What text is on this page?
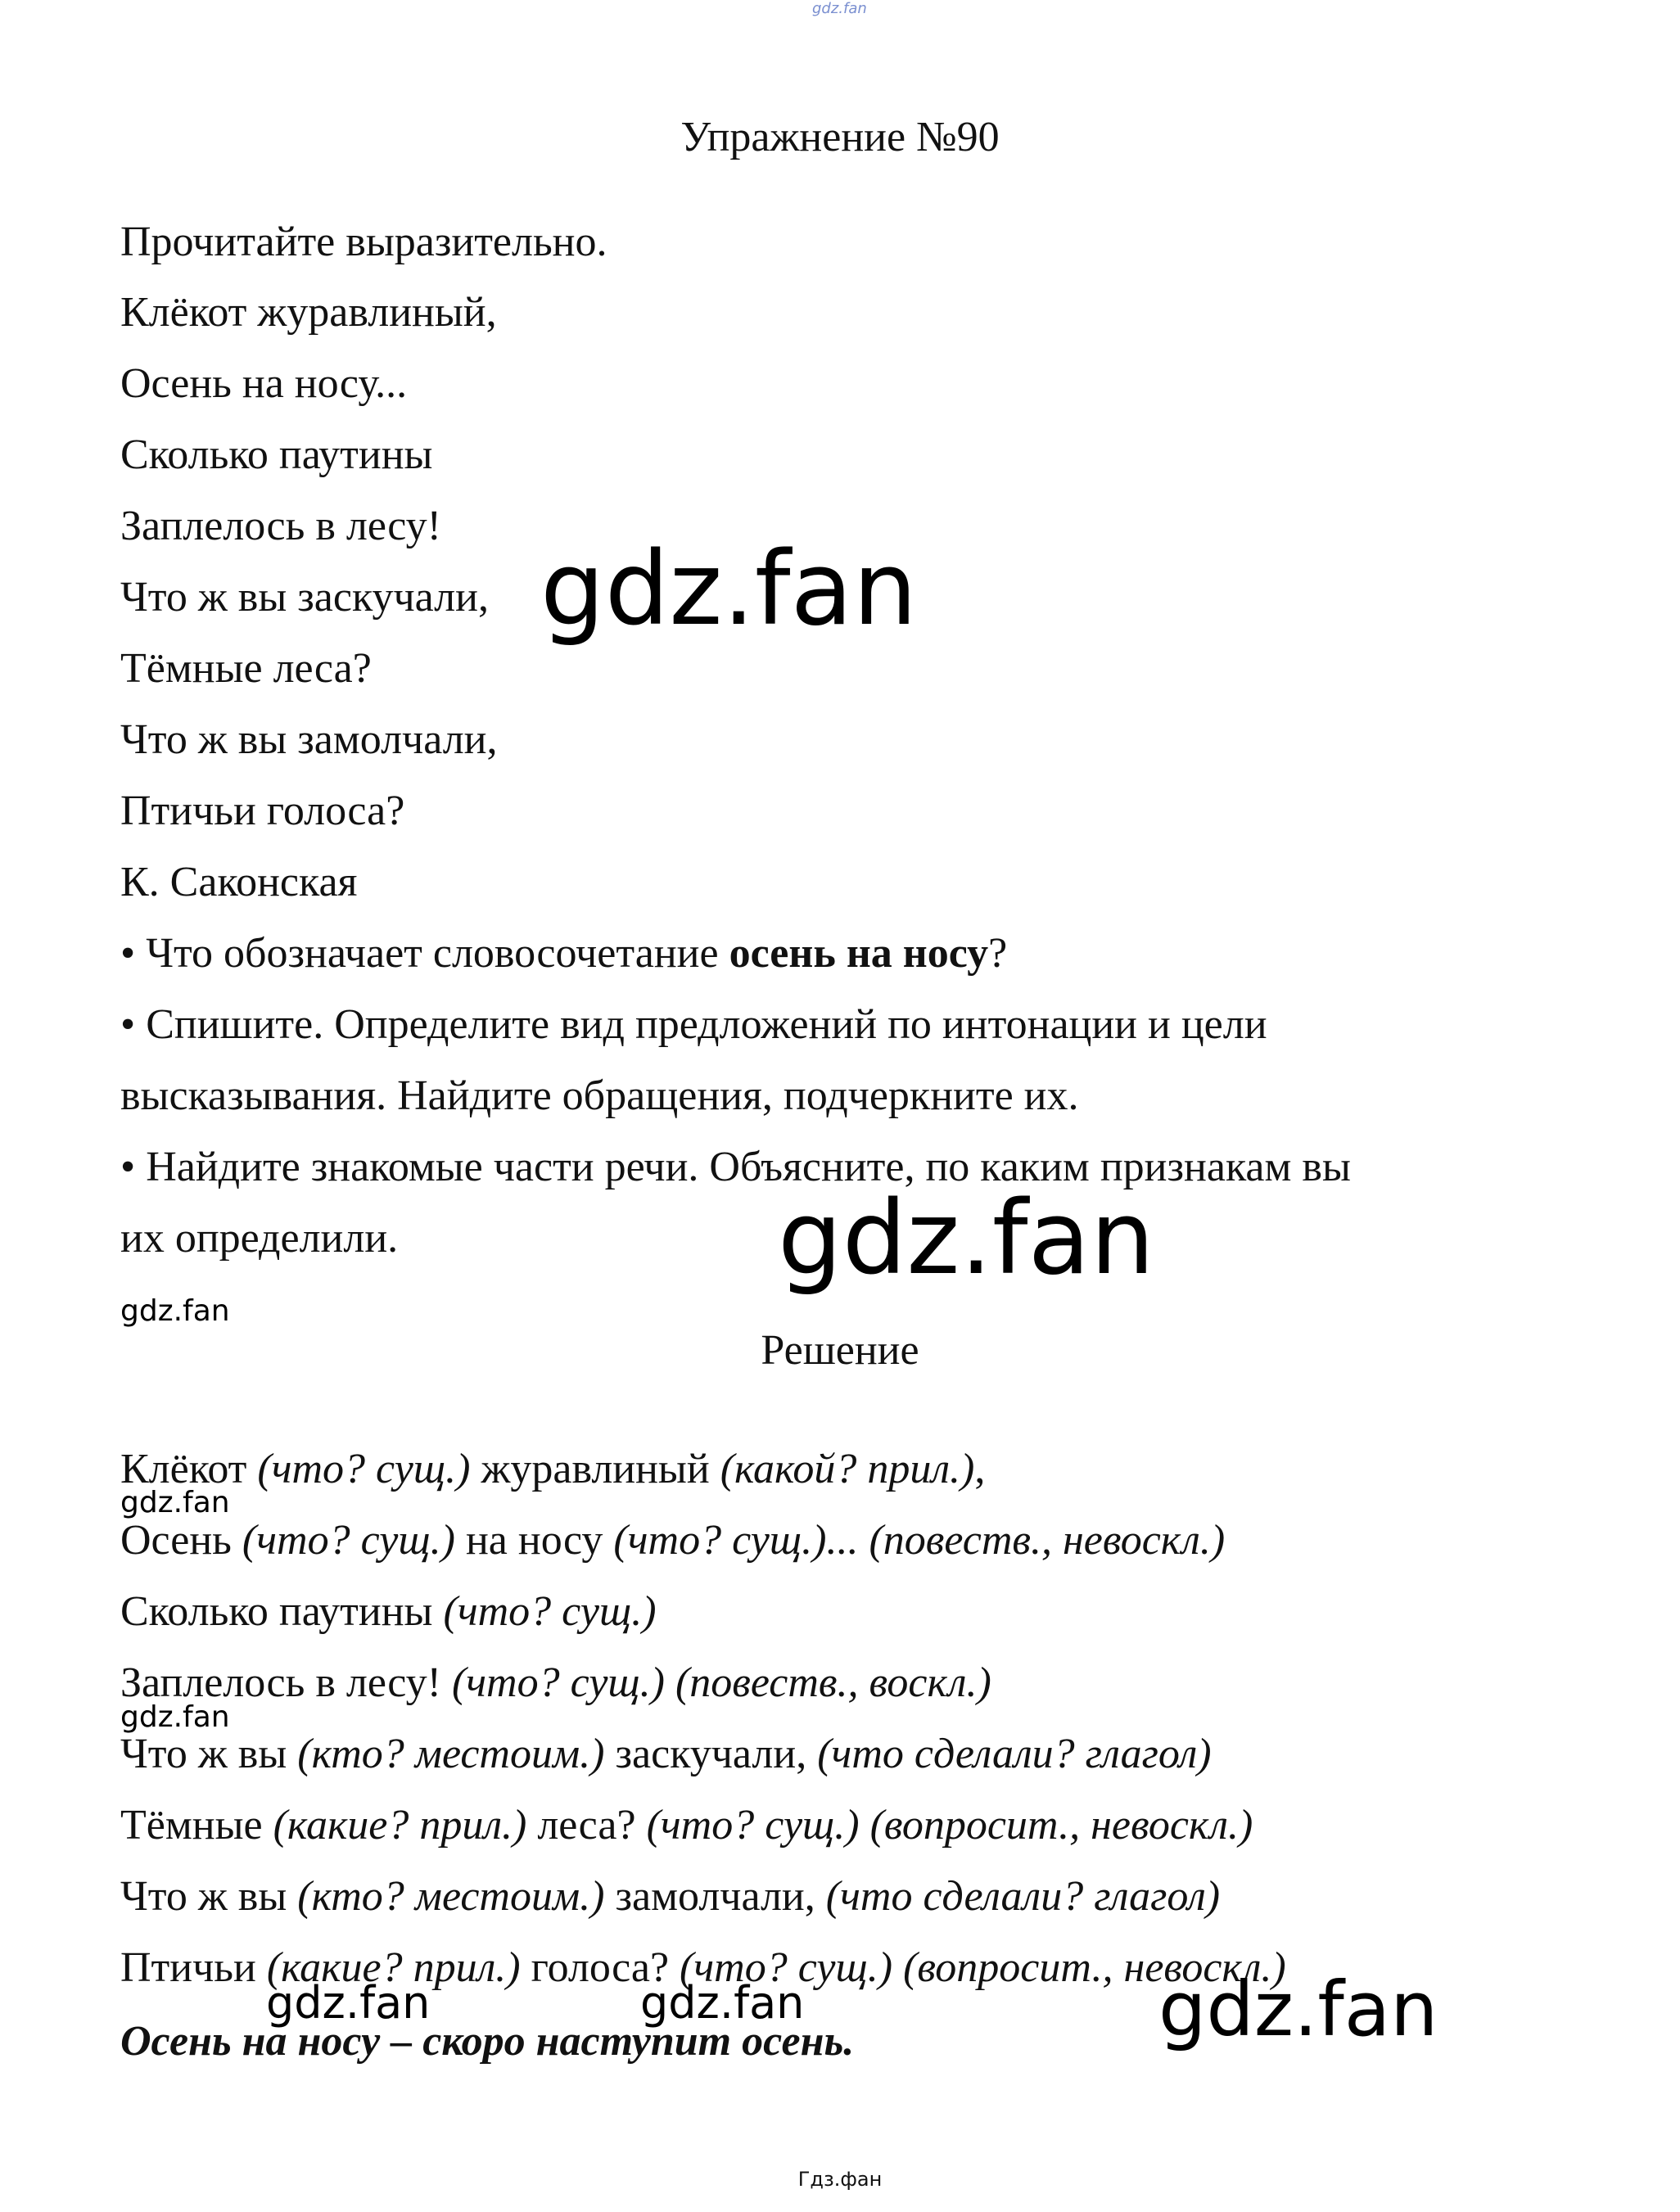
gdz.fan
Упражнение №90
Прочитайте выразительно.
Клёкот журавлиный,
Осень на носу...
Сколько паутины
Заплелось в лесу!
Что ж вы заскучали,
Тёмные леса?
Что ж вы замолчали,
Птичьи голоса?
К. Саконская
• Что обозначает словосочетание осень на носу?
• Спишите. Определите вид предложений по интонации и цели
высказывания. Найдите обращения, подчеркните их.
• Найдите знакомые части речи. Объясните, по каким признакам вы
их определили.
gdz.fan
Решение
Клёкот (что? сущ.) журавлиный (какой? прил.),
Осень (что? сущ.) на носу (что? сущ.)... (повеств., невоскл.)
Сколько паутины (что? сущ.)
Заплелось в лесу! (что? сущ.) (повеств., воскл.)
Что ж вы (кто? местоим.) заскучали, (что сделали? глагол)
Тёмные (какие? прил.) леса? (что? сущ.) (вопросит., невоскл.)
Что ж вы (кто? местоим.) замолчали, (что сделали? глагол)
Птичьи (какие? прил.) голоса? (что? сущ.) (вопросит., невоскл.)
Осень на носу – скоро наступит осень.
gdz.fan
gdz.fan
gdz.fan
gdz.fan
gdz.fan	gdz.fan	gdz.fan
Гдз.фан
